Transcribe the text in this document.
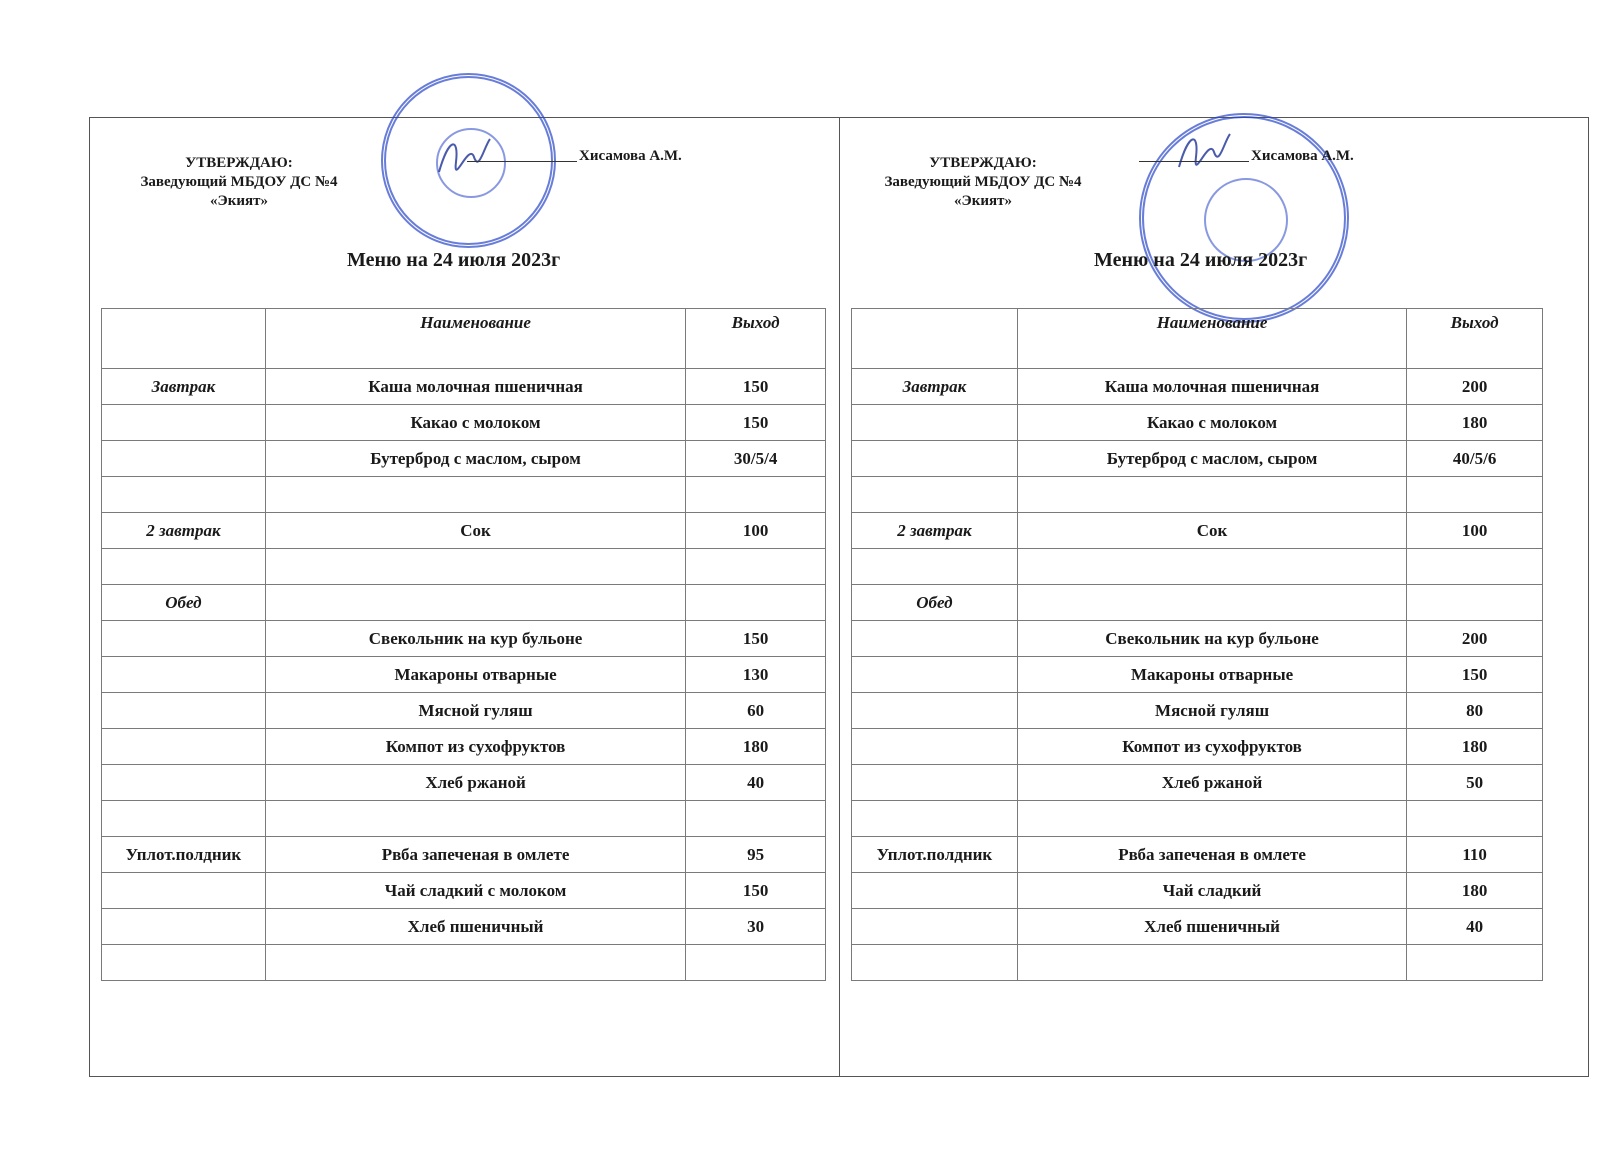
УТВЕРЖДАЮ:
Заведующий МБДОУ ДС №4
«Экият»
Хисамова А.М.
Меню на 24 июля 2023г
	Наименование	Выход
Завтрак	Каша молочная пшеничная	150
	Какао с молоком	150
	Бутерброд с маслом, сыром	30/5/4

2 завтрак	Сок	100

Обед		
	Свекольник на кур бульоне	150
	Макароны отварные	130
	Мясной гуляш	60
	Компот из сухофруктов	180
	Хлеб ржаной	40

Уплот.полдник	Рвба запеченая в омлете	95
	Чай сладкий с молоком	150
	Хлеб пшеничный	30

УТВЕРЖДАЮ:
Заведующий МБДОУ ДС №4
«Экият»
Хисамова А.М.
Меню на 24 июля 2023г
	Наименование	Выход
Завтрак	Каша молочная пшеничная	200
	Какао с молоком	180
	Бутерброд с маслом, сыром	40/5/6

2 завтрак	Сок	100

Обед		
	Свекольник на кур бульоне	200
	Макароны отварные	150
	Мясной гуляш	80
	Компот из сухофруктов	180
	Хлеб ржаной	50

Уплот.полдник	Рвба запеченая в омлете	110
	Чай сладкий	180
	Хлеб пшеничный	40
